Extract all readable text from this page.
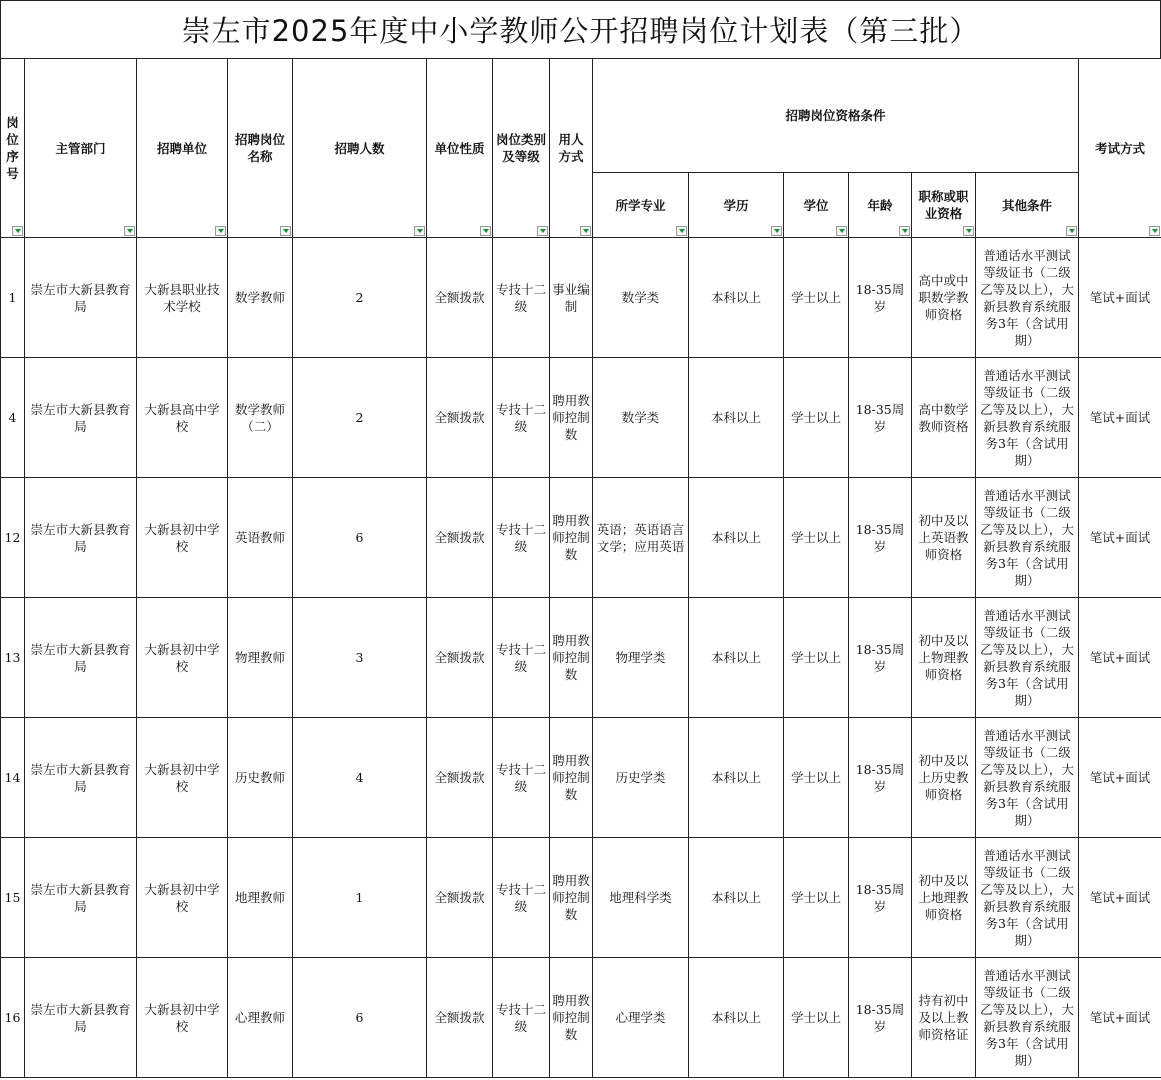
崇左市2025年度中小学教师公开招聘岗位计划表（第三批）
岗位序号	主管部门	招聘单位	招聘岗位名称	招聘人数	单位性质	岗位类别及等级	用人方式	招聘岗位资格条件						考试方式

								所学专业	学历	学位	年龄	职称或职业资格	其他条件	

1	崇左市大新县教育局	大新县职业技术学校	数学教师	2	全额拨款	专技十二级	事业编制	数学类	本科以上	学士以上	18-35周岁	高中或中职数学教师资格	普通话水平测试等级证书（二级乙等及以上），大新县教育系统服务3年（含试用期）	笔试+面试
4	崇左市大新县教育局	大新县高中学校	数学教师（二）	2	全额拨款	专技十二级	聘用教师控制数	数学类	本科以上	学士以上	18-35周岁	高中数学教师资格	普通话水平测试等级证书（二级乙等及以上），大新县教育系统服务3年（含试用期）	笔试+面试
12	崇左市大新县教育局	大新县初中学校	英语教师	6	全额拨款	专技十二级	聘用教师控制数	英语；英语语言文学；应用英语	本科以上	学士以上	18-35周岁	初中及以上英语教师资格	普通话水平测试等级证书（二级乙等及以上），大新县教育系统服务3年（含试用期）	笔试+面试
13	崇左市大新县教育局	大新县初中学校	物理教师	3	全额拨款	专技十二级	聘用教师控制数	物理学类	本科以上	学士以上	18-35周岁	初中及以上物理教师资格	普通话水平测试等级证书（二级乙等及以上），大新县教育系统服务3年（含试用期）	笔试+面试
14	崇左市大新县教育局	大新县初中学校	历史教师	4	全额拨款	专技十二级	聘用教师控制数	历史学类	本科以上	学士以上	18-35周岁	初中及以上历史教师资格	普通话水平测试等级证书（二级乙等及以上），大新县教育系统服务3年（含试用期）	笔试+面试
15	崇左市大新县教育局	大新县初中学校	地理教师	1	全额拨款	专技十二级	聘用教师控制数	地理科学类	本科以上	学士以上	18-35周岁	初中及以上地理教师资格	普通话水平测试等级证书（二级乙等及以上），大新县教育系统服务3年（含试用期）	笔试+面试
16	崇左市大新县教育局	大新县初中学校	心理教师	6	全额拨款	专技十二级	聘用教师控制数	心理学类	本科以上	学士以上	18-35周岁	持有初中及以上教师资格证	普通话水平测试等级证书（二级乙等及以上），大新县教育系统服务3年（含试用期）	笔试+面试
